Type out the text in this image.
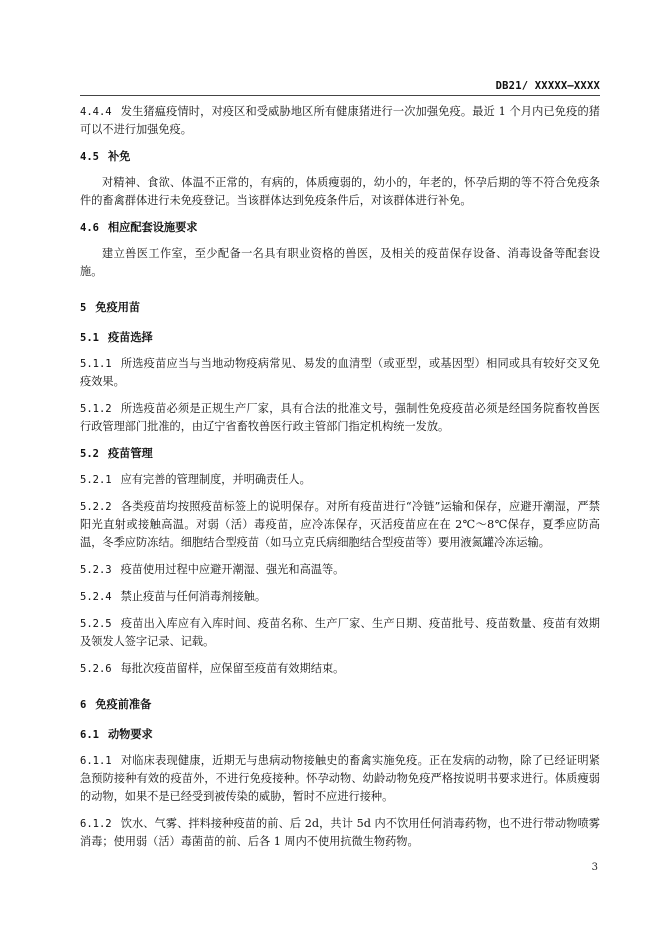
DB21/ XXXXX—XXXX

4.4.4 发生猪瘟疫情时，对疫区和受威胁地区所有健康猪进行一次加强免疫。最近 1 个月内已免疫的猪可以不进行加强免疫。

4.5 补免

对精神、食欲、体温不正常的，有病的，体质瘦弱的，幼小的，年老的，怀孕后期的等不符合免疫条件的畜禽群体进行未免疫登记。当该群体达到免疫条件后，对该群体进行补免。

4.6 相应配套设施要求

建立兽医工作室，至少配备一名具有职业资格的兽医，及相关的疫苗保存设备、消毒设备等配套设施。

5 免疫用苗
5.1 疫苗选择

5.1.1 所选疫苗应当与当地动物疫病常见、易发的血清型（或亚型，或基因型）相同或具有较好交叉免疫效果。

5.1.2 所选疫苗必须是正规生产厂家，具有合法的批准文号，强制性免疫疫苗必须是经国务院畜牧兽医行政管理部门批准的，由辽宁省畜牧兽医行政主管部门指定机构统一发放。

5.2 疫苗管理

5.2.1 应有完善的管理制度，并明确责任人。

5.2.2 各类疫苗均按照疫苗标签上的说明保存。对所有疫苗进行“冷链”运输和保存，应避开潮湿，严禁阳光直射或接触高温。对弱（活）毒疫苗，应冷冻保存，灭活疫苗应在在 2℃～8℃保存，夏季应防高温，冬季应防冻结。细胞结合型疫苗（如马立克氏病细胞结合型疫苗等）要用液氮罐冷冻运输。

5.2.3 疫苗使用过程中应避开潮湿、强光和高温等。

5.2.4 禁止疫苗与任何消毒剂接触。

5.2.5 疫苗出入库应有入库时间、疫苗名称、生产厂家、生产日期、疫苗批号、疫苗数量、疫苗有效期及领发人签字记录、记载。

5.2.6 每批次疫苗留样，应保留至疫苗有效期结束。

6 免疫前准备
6.1 动物要求

6.1.1 对临床表现健康，近期无与患病动物接触史的畜禽实施免疫。正在发病的动物，除了已经证明紧急预防接种有效的疫苗外，不进行免疫接种。怀孕动物、幼龄动物免疫严格按说明书要求进行。体质瘦弱的动物，如果不是已经受到被传染的威胁，暂时不应进行接种。

6.1.2 饮水、气雾、拌料接种疫苗的前、后 2d，共计 5d 内不饮用任何消毒药物，也不进行带动物喷雾消毒；使用弱（活）毒菌苗的前、后各 1 周内不使用抗微生物药物。

3
